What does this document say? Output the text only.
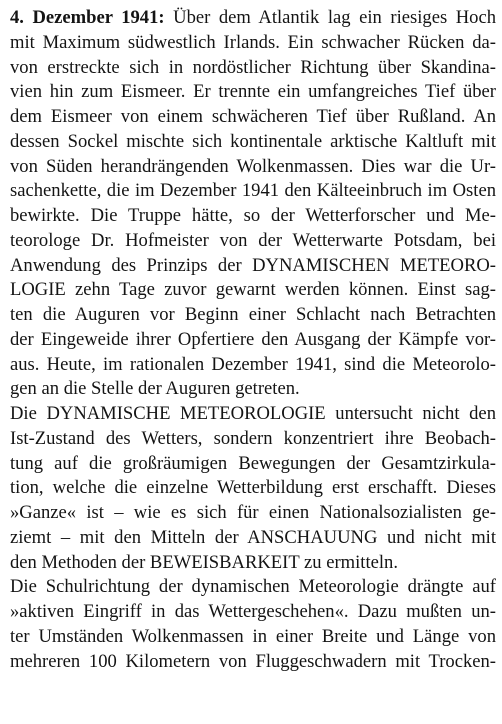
4. Dezember 1941: Über dem Atlantik lag ein riesiges Hoch
mit Maximum südwestlich Irlands. Ein schwacher Rücken da-
von erstreckte sich in nordöstlicher Richtung über Skandina-
vien hin zum Eismeer. Er trennte ein umfangreiches Tief über
dem Eismeer von einem schwächeren Tief über Rußland. An
dessen Sockel mischte sich kontinentale arktische Kaltluft mit
von Süden herandrängenden Wolkenmassen. Dies war die Ur-
sachenkette, die im Dezember 1941 den Kälteeinbruch im Osten
bewirkte. Die Truppe hätte, so der Wetterforscher und Me-
teorologe Dr. Hofmeister von der Wetterwarte Potsdam, bei
Anwendung des Prinzips der DYNAMISCHEN METEORO-
LOGIE zehn Tage zuvor gewarnt werden können. Einst sag-
ten die Auguren vor Beginn einer Schlacht nach Betrachten
der Eingeweide ihrer Opfertiere den Ausgang der Kämpfe vor-
aus. Heute, im rationalen Dezember 1941, sind die Meteorolo-
gen an die Stelle der Auguren getreten.
Die DYNAMISCHE METEOROLOGIE untersucht nicht den
Ist-Zustand des Wetters, sondern konzentriert ihre Beobach-
tung auf die großräumigen Bewegungen der Gesamtzirkula-
tion, welche die einzelne Wetterbildung erst erschafft. Dieses
»Ganze« ist – wie es sich für einen Nationalsozialisten ge-
ziemt – mit den Mitteln der ANSCHAUUNG und nicht mit
den Methoden der BEWEISBARKEIT zu ermitteln.
Die Schulrichtung der dynamischen Meteorologie drängte auf
»aktiven Eingriff in das Wettergeschehen«. Dazu mußten un-
ter Umständen Wolkenmassen in einer Breite und Länge von
mehreren 100 Kilometern von Fluggeschwadern mit Trocken-
